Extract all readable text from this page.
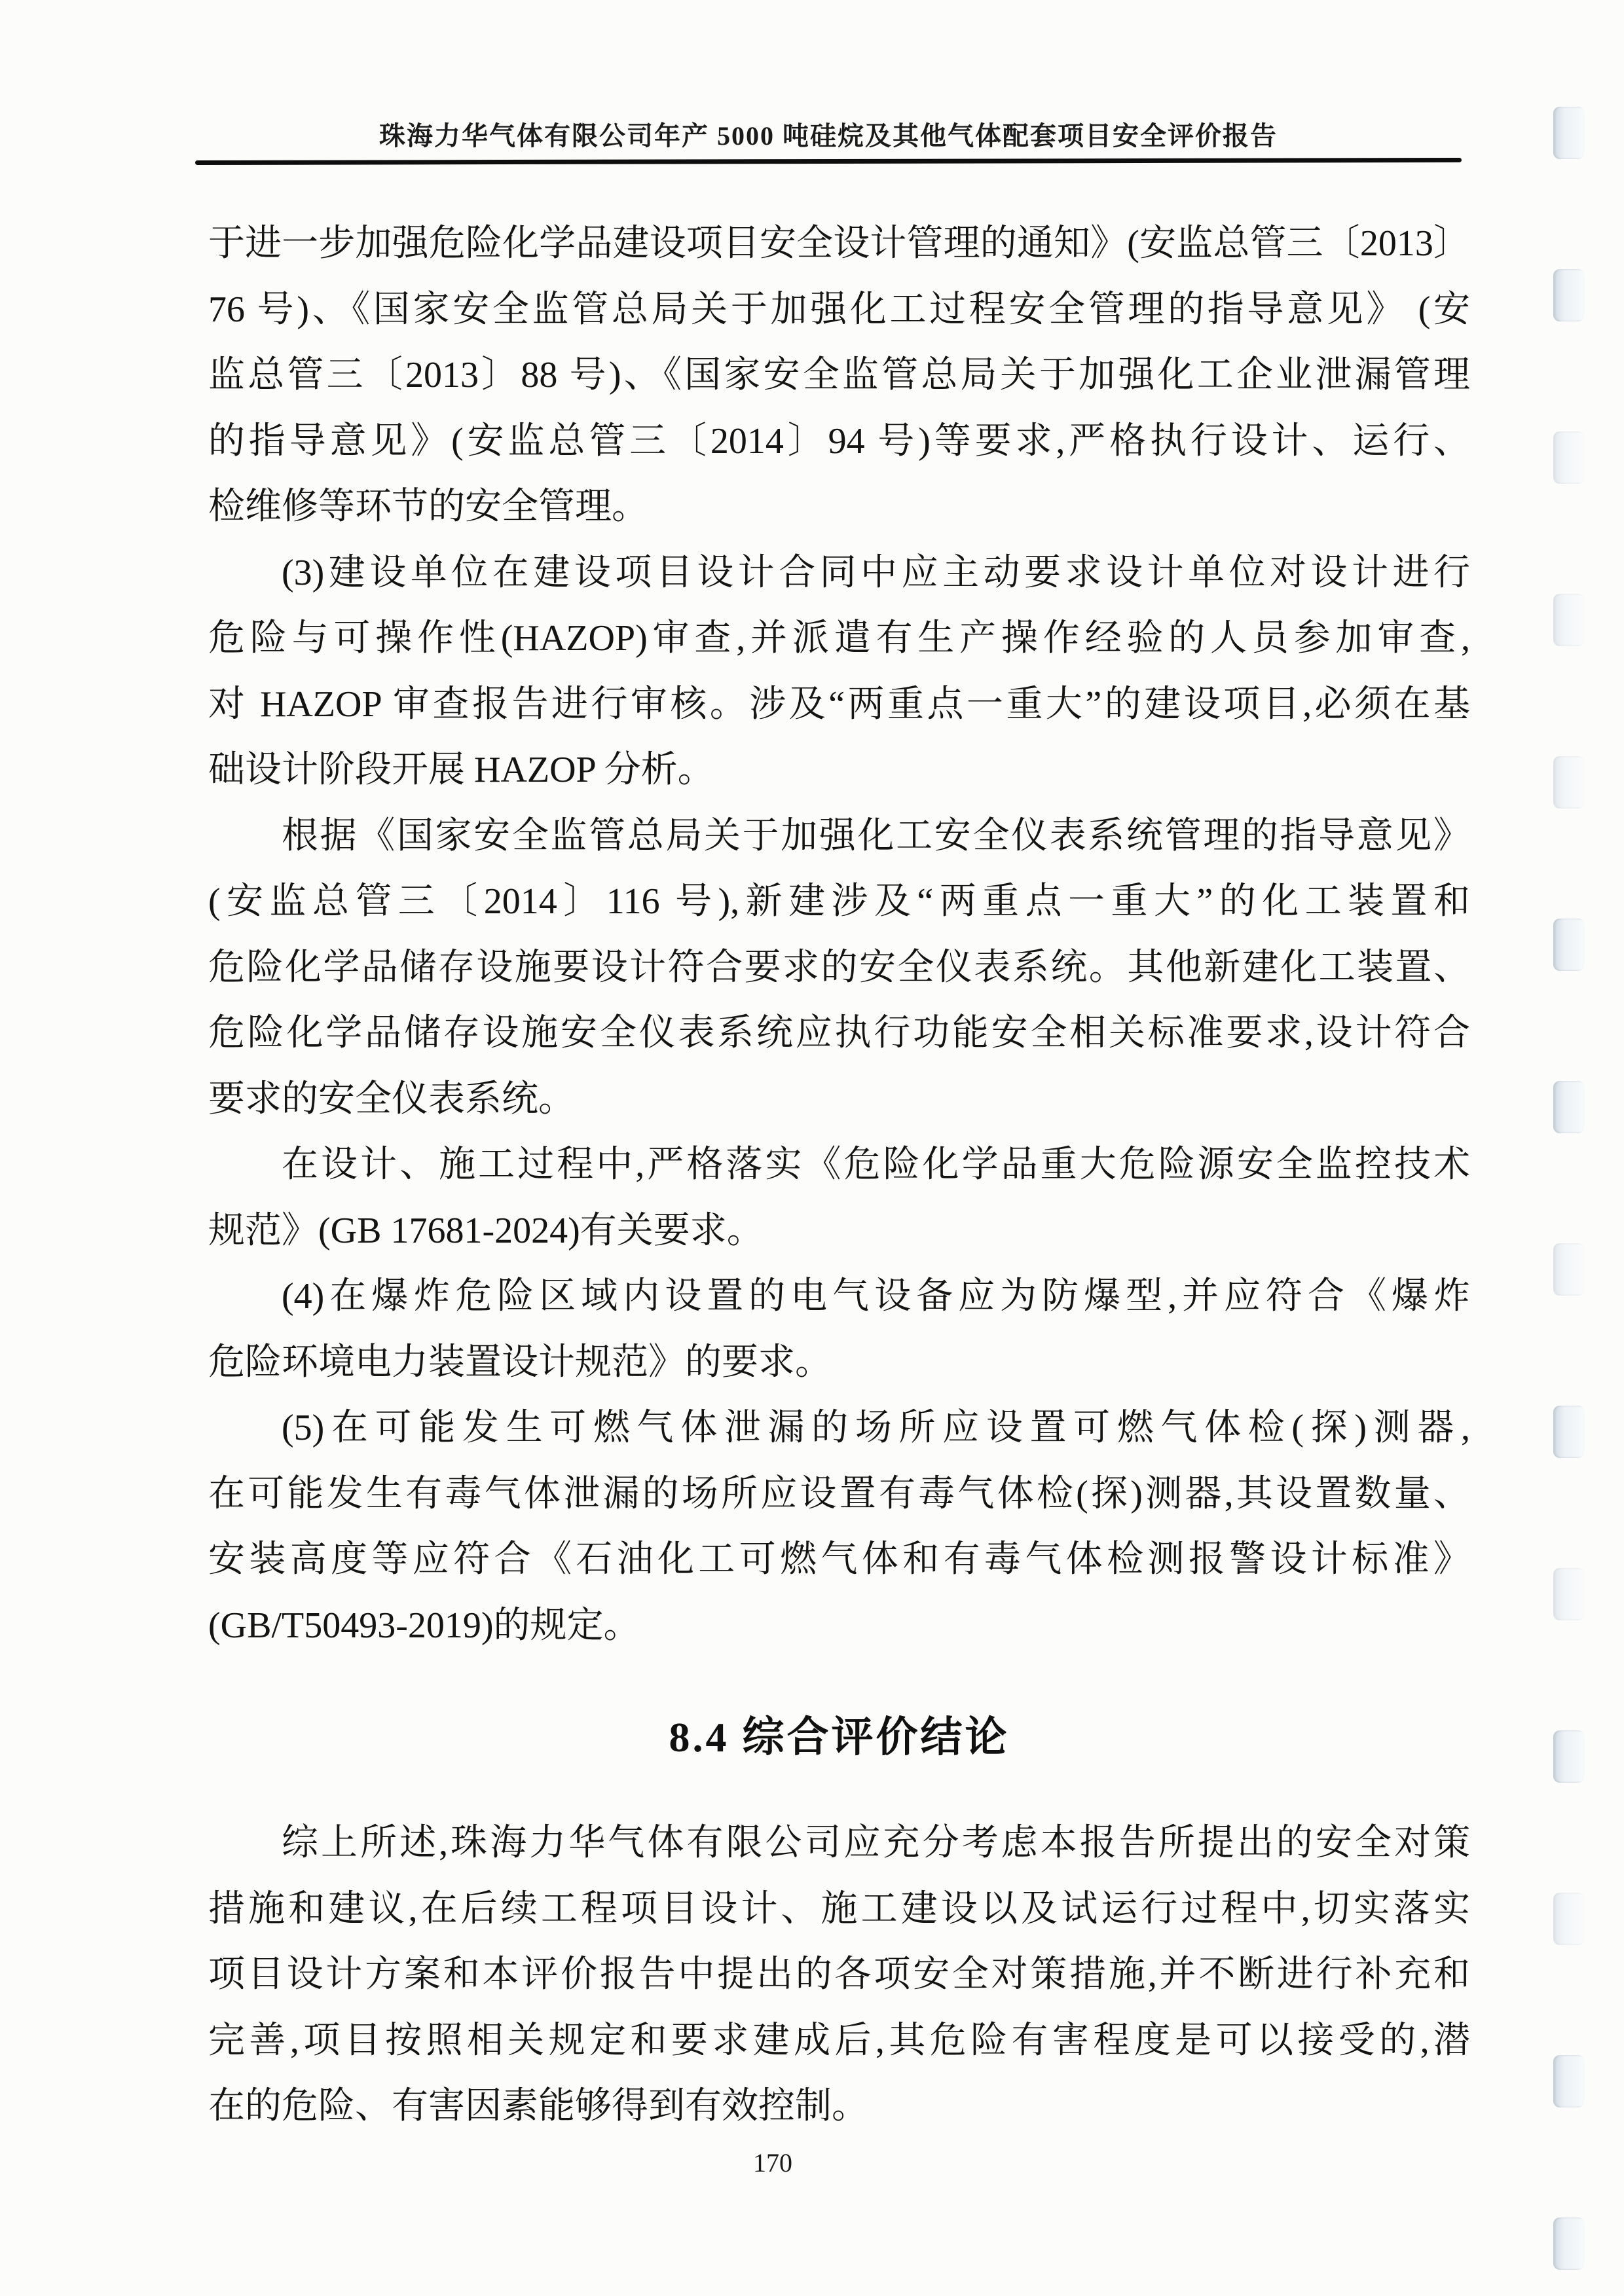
珠海力华气体有限公司年产 5000 吨硅烷及其他气体配套项目安全评价报告
于进一步加强危险化学品建设项目安全设计管理的通知》(安监总管三〔2013〕
76 号)、《国家安全监管总局关于加强化工过程安全管理的指导意见》 (安
监总管三〔2013〕88 号)、《国家安全监管总局关于加强化工企业泄漏管理
的指导意见》(安监总管三〔2014〕94 号)等要求,严格执行设计、运行、
检维修等环节的安全管理。
(3)建设单位在建设项目设计合同中应主动要求设计单位对设计进行
危险与可操作性(HAZOP)审查,并派遣有生产操作经验的人员参加审查,
对 HAZOP 审查报告进行审核。涉及“两重点一重大”的建设项目,必须在基
础设计阶段开展 HAZOP 分析。
根据《国家安全监管总局关于加强化工安全仪表系统管理的指导意见》
(安监总管三〔2014〕116 号),新建涉及“两重点一重大”的化工装置和
危险化学品储存设施要设计符合要求的安全仪表系统。其他新建化工装置、
危险化学品储存设施安全仪表系统应执行功能安全相关标准要求,设计符合
要求的安全仪表系统。
在设计、施工过程中,严格落实《危险化学品重大危险源安全监控技术
规范》(GB 17681-2024)有关要求。
(4)在爆炸危险区域内设置的电气设备应为防爆型,并应符合《爆炸
危险环境电力装置设计规范》的要求。
(5)在可能发生可燃气体泄漏的场所应设置可燃气体检(探)测器,
在可能发生有毒气体泄漏的场所应设置有毒气体检(探)测器,其设置数量、
安装高度等应符合《石油化工可燃气体和有毒气体检测报警设计标准》
(GB/T50493-2019)的规定。
8.4 综合评价结论
综上所述,珠海力华气体有限公司应充分考虑本报告所提出的安全对策
措施和建议,在后续工程项目设计、施工建设以及试运行过程中,切实落实
项目设计方案和本评价报告中提出的各项安全对策措施,并不断进行补充和
完善,项目按照相关规定和要求建成后,其危险有害程度是可以接受的,潜
在的危险、有害因素能够得到有效控制。
170
